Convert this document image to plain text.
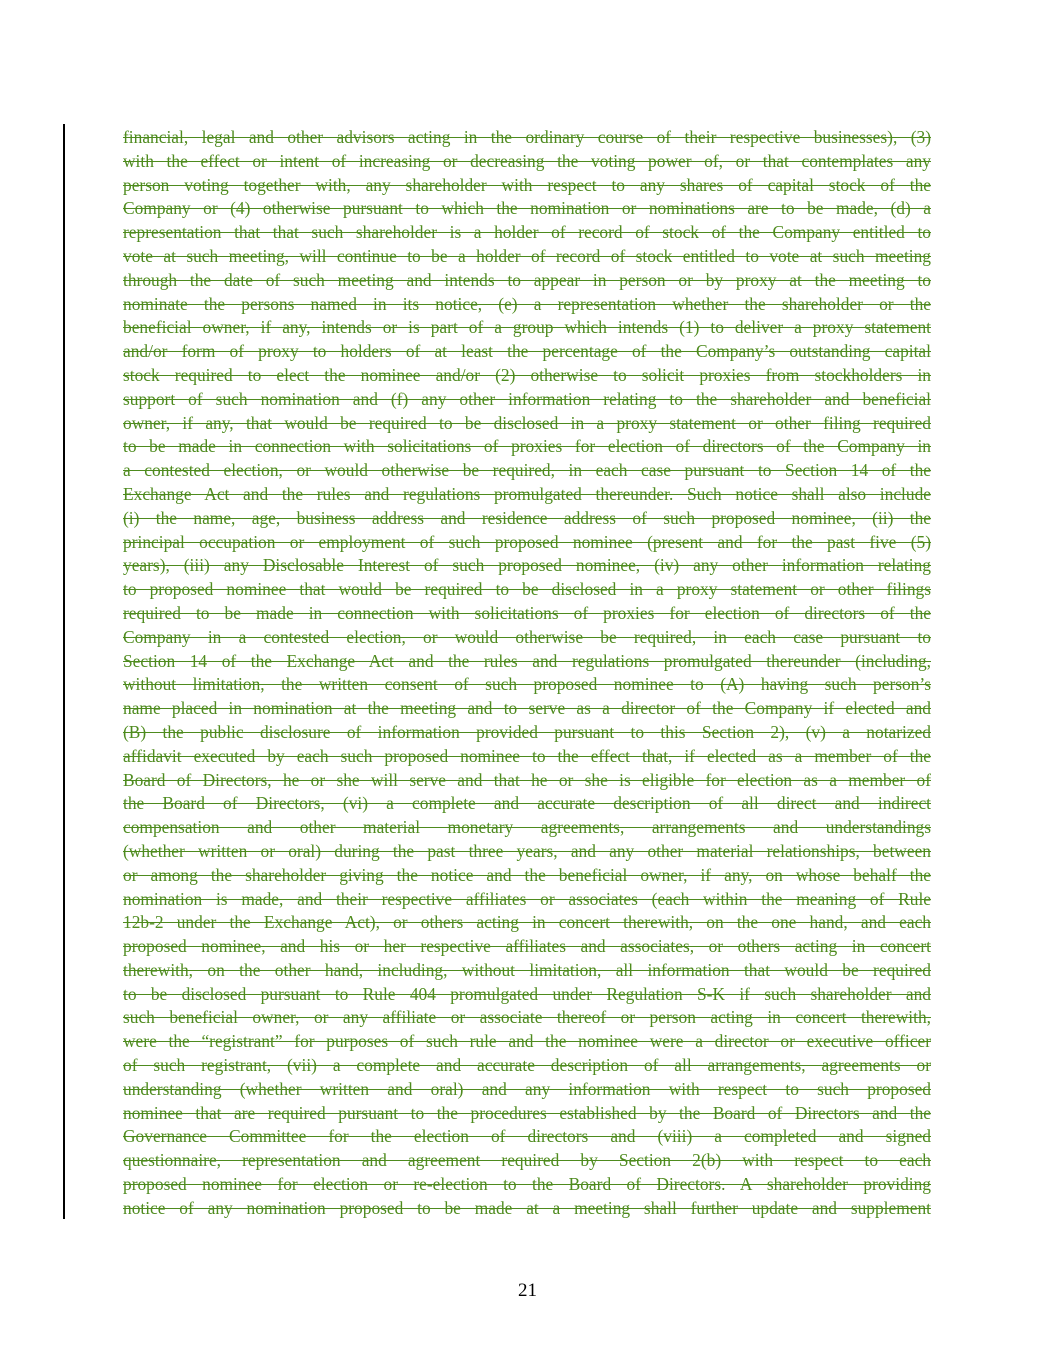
financial, legal and other advisors acting in the ordinary course of their respective businesses), (3)
with the effect or intent of increasing or decreasing the voting power of, or that contemplates any
person voting together with, any shareholder with respect to any shares of capital stock of the
Company or (4) otherwise pursuant to which the nomination or nominations are to be made, (d) a
representation that that such shareholder is a holder of record of stock of the Company entitled to
vote at such meeting, will continue to be a holder of record of stock entitled to vote at such meeting
through the date of such meeting and intends to appear in person or by proxy at the meeting to
nominate the persons named in its notice, (e) a representation whether the shareholder or the
beneficial owner, if any, intends or is part of a group which intends (1) to deliver a proxy statement
and/or form of proxy to holders of at least the percentage of the Company’s outstanding capital
stock required to elect the nominee and/or (2) otherwise to solicit proxies from stockholders in
support of such nomination and (f) any other information relating to the shareholder and beneficial
owner, if any, that would be required to be disclosed in a proxy statement or other filing required
to be made in connection with solicitations of proxies for election of directors of the Company in
a contested election, or would otherwise be required, in each case pursuant to Section 14 of the
Exchange Act and the rules and regulations promulgated thereunder. Such notice shall also include
(i) the name, age, business address and residence address of such proposed nominee, (ii) the
principal occupation or employment of such proposed nominee (present and for the past five (5)
years), (iii) any Disclosable Interest of such proposed nominee, (iv) any other information relating
to proposed nominee that would be required to be disclosed in a proxy statement or other filings
required to be made in connection with solicitations of proxies for election of directors of the
Company in a contested election, or would otherwise be required, in each case pursuant to
Section 14 of the Exchange Act and the rules and regulations promulgated thereunder (including,
without limitation, the written consent of such proposed nominee to (A) having such person’s
name placed in nomination at the meeting and to serve as a director of the Company if elected and
(B) the public disclosure of information provided pursuant to this Section 2), (v) a notarized
affidavit executed by each such proposed nominee to the effect that, if elected as a member of the
Board of Directors, he or she will serve and that he or she is eligible for election as a member of
the Board of Directors, (vi) a complete and accurate description of all direct and indirect
compensation and other material monetary agreements, arrangements and understandings
(whether written or oral) during the past three years, and any other material relationships, between
or among the shareholder giving the notice and the beneficial owner, if any, on whose behalf the
nomination is made, and their respective affiliates or associates (each within the meaning of Rule
12b-2 under the Exchange Act), or others acting in concert therewith, on the one hand, and each
proposed nominee, and his or her respective affiliates and associates, or others acting in concert
therewith, on the other hand, including, without limitation, all information that would be required
to be disclosed pursuant to Rule 404 promulgated under Regulation S-K if such shareholder and
such beneficial owner, or any affiliate or associate thereof or person acting in concert therewith,
were the “registrant” for purposes of such rule and the nominee were a director or executive officer
of such registrant, (vii) a complete and accurate description of all arrangements, agreements or
understanding (whether written and oral) and any information with respect to such proposed
nominee that are required pursuant to the procedures established by the Board of Directors and the
Governance Committee for the election of directors and (viii) a completed and signed
questionnaire, representation and agreement required by Section 2(b) with respect to each
proposed nominee for election or re-election to the Board of Directors. A shareholder providing
notice of any nomination proposed to be made at a meeting shall further update and supplement
21
